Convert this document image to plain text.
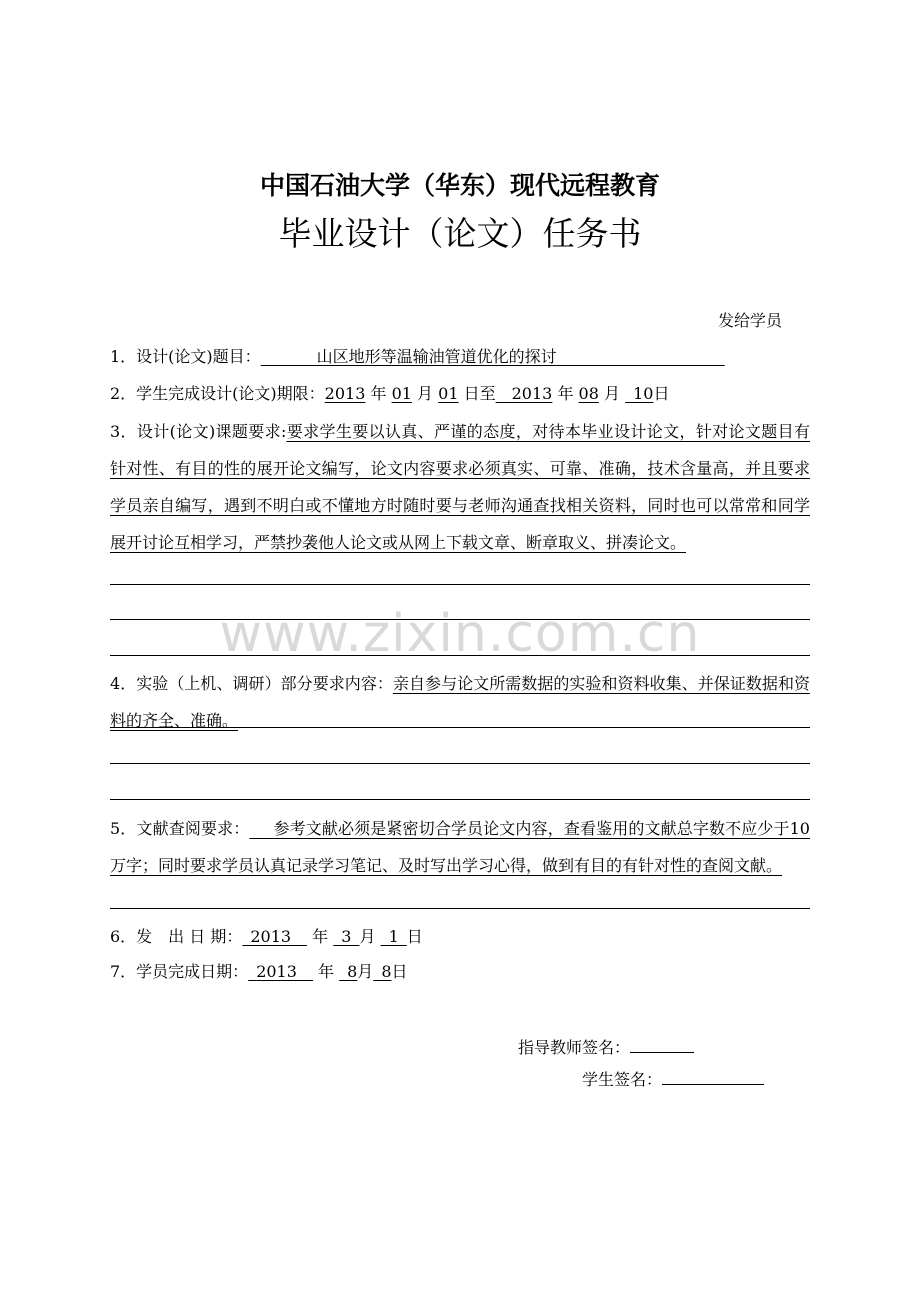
www.zixin.com.cn
中国石油大学（华东）现代远程教育
毕业设计（论文）任务书
发给学员
1．设计(论文)题目：       	山区地形等温输油管道优化的探讨                     
2．学生完成设计(论文)期限：2013 年 01 月 01 日至   2013 年 08 月   10日
3．设计(论文)课题要求:要求学生要以认真、严谨的态度，对待本毕业设计论文，针对论文题目有针对性、有目的性的展开论文编写，论文内容要求必须真实、可靠、准确，技术含量高，并且要求学员亲自编写，遇到不明白或不懂地方时随时要与老师沟通查找相关资料，同时也可以常常和同学展开讨论互相学习，严禁抄袭他人论文或从网上下载文章、断章取义、拼凑论文。
4．实验（上机、调研）部分要求内容：亲自参与论文所需数据的实验和资料收集、并保证数据和资料的齐全、准确。
5．文献查阅要求：    参考文献必须是紧密切合学员论文内容，查看鉴用的文献总字数不应少于10万字；同时要求学员认真记录学习笔记、及时写出学习心得，做到有目的有针对性的查阅文献。
6．发　出 日 期：  2013   年   3  月   1  日
7．学员完成日期：  2013   年   8月  8日
指导教师签名：
学生签名：
